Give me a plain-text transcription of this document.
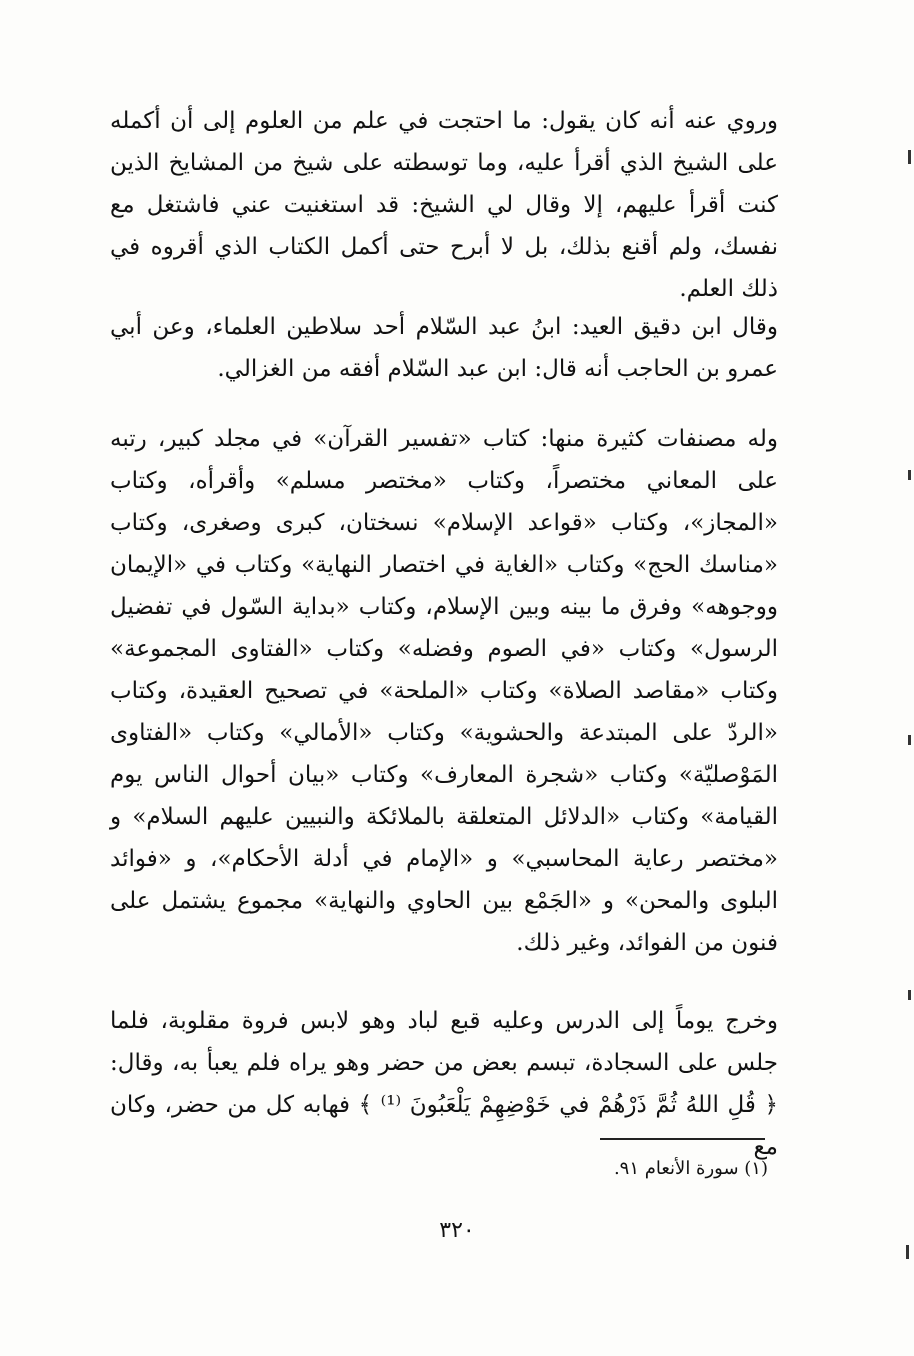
وروي عنه أنه كان يقول: ما احتجت في علم من العلوم إلى أن أكمله على الشيخ الذي أقرأ عليه، وما توسطته على شيخ من المشايخ الذين كنت أقرأ عليهم، إلا وقال لي الشيخ: قد استغنيت عني فاشتغل مع نفسك، ولم أقنع بذلك، بل لا أبرح حتى أكمل الكتاب الذي أقروه في ذلك العلم.

وقال ابن دقيق العيد: ابنُ عبد السّلام أحد سلاطين العلماء، وعن أبي عمرو بن الحاجب أنه قال: ابن عبد السّلام أفقه من الغزالي.

وله مصنفات كثيرة منها: كتاب «تفسير القرآن» في مجلد كبير، رتبه على المعاني مختصراً، وكتاب «مختصر مسلم» وأقرأه، وكتاب «المجاز»، وكتاب «قواعد الإسلام» نسختان، كبرى وصغرى، وكتاب «مناسك الحج» وكتاب «الغاية في اختصار النهاية» وكتاب في «الإيمان ووجوهه» وفرق ما بينه وبين الإسلام، وكتاب «بداية السّول في تفضيل الرسول» وكتاب «في الصوم وفضله» وكتاب «الفتاوى المجموعة» وكتاب «مقاصد الصلاة» وكتاب «الملحة» في تصحيح العقيدة، وكتاب «الردّ على المبتدعة والحشوية» وكتاب «الأمالي» وكتاب «الفتاوى المَوْصليّة» وكتاب «شجرة المعارف» وكتاب «بيان أحوال الناس يوم القيامة» وكتاب «الدلائل المتعلقة بالملائكة والنبيين عليهم السلام» و «مختصر رعاية المحاسبي» و «الإمام في أدلة الأحكام»، و «فوائد البلوى والمحن» و «الجَمْع بين الحاوي والنهاية» مجموع يشتمل على فنون من الفوائد، وغير ذلك.

وخرج يوماً إلى الدرس وعليه قبع لباد وهو لابس فروة مقلوبة، فلما جلس على السجادة، تبسم بعض من حضر وهو يراه فلم يعبأ به، وقال: ﴿ قُلِ اللهُ ثُمَّ ذَرْهُمْ في خَوْضِهِمْ يَلْعَبُونَ ⁽¹⁾ ﴾ فهابه كل من حضر، وكان مع

(١) سورة الأنعام ٩١.
٣٢٠
